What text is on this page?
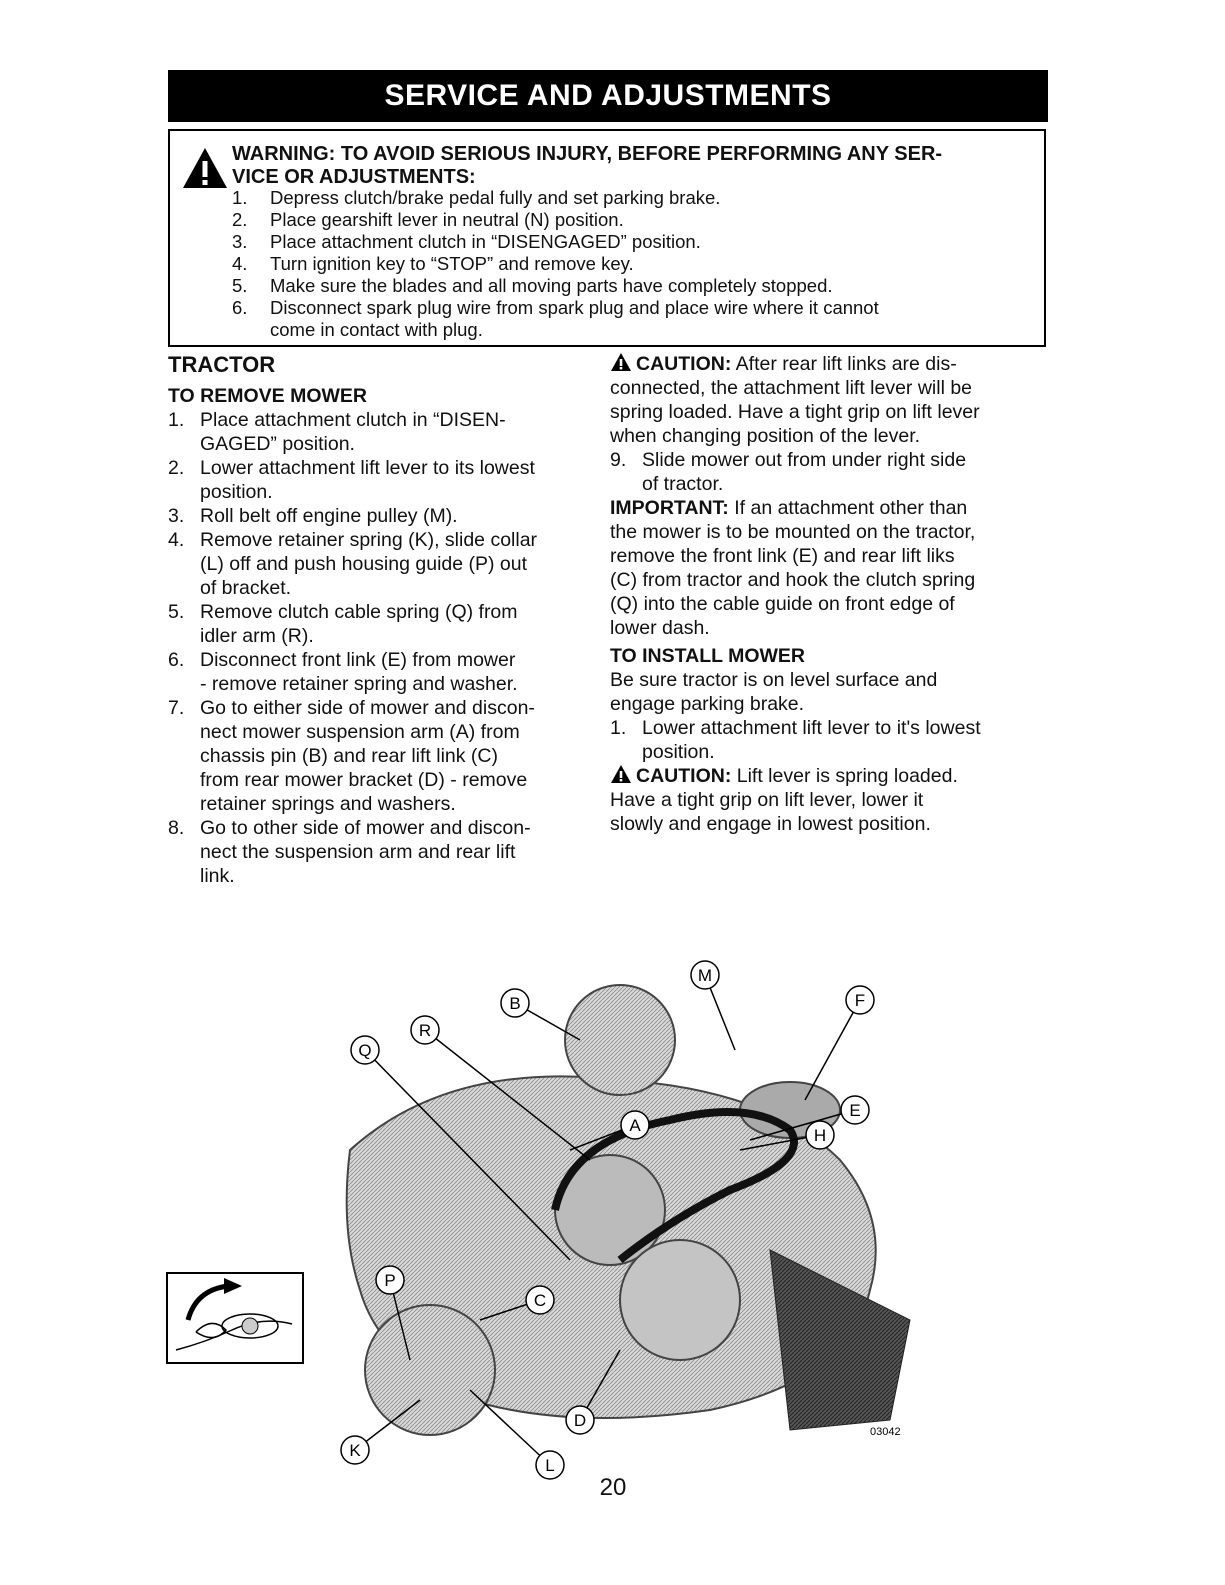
SERVICE AND ADJUSTMENTS
WARNING: TO AVOID SERIOUS INJURY, BEFORE PERFORMING ANY SER-
VICE OR ADJUSTMENTS:
1. Depress clutch/brake pedal fully and set parking brake.
2. Place gearshift lever in neutral (N) position.
3. Place attachment clutch in “DISENGAGED” position.
4. Turn ignition key to “STOP” and remove key.
5. Make sure the blades and all moving parts have completely stopped.
6. Disconnect spark plug wire from spark plug and place wire where it cannot
come in contact with plug.
TRACTOR
TO REMOVE MOWER
1. Place attachment clutch in “DISEN-
GAGED” position.
2. Lower attachment lift lever to its lowest
position.
3. Roll belt off engine pulley (M).
4. Remove retainer spring (K), slide collar
(L) off and push housing guide (P) out
of bracket.
5. Remove clutch cable spring (Q) from
idler arm (R).
6. Disconnect front link (E) from mower
- remove retainer spring and washer.
7. Go to either side of mower and discon-
nect mower suspension arm (A) from
chassis pin (B) and rear lift link (C)
from rear mower bracket (D) - remove
retainer springs and washers.
8. Go to other side of mower and discon-
nect the suspension arm and rear lift
link.
CAUTION: After rear lift links are dis-
connected, the attachment lift lever will be
spring loaded. Have a tight grip on lift lever
when changing position of the lever.
9. Slide mower out from under right side
of tractor.
IMPORTANT: If an attachment other than
the mower is to be mounted on the tractor,
remove the front link (E) and rear lift liks
(C) from tractor and hook the clutch spring
(Q) into the cable guide on front edge of
lower dash.
TO INSTALL MOWER
Be sure tractor is on level surface and
engage parking brake.
1. Lower attachment lift lever to it's lowest
position.
CAUTION: Lift lever is spring loaded.
Have a tight grip on lift lever, lower it
slowly and engage in lowest position.
M
B	F
Q
R
E
A
H
P
C
D
K
L
03042
20
